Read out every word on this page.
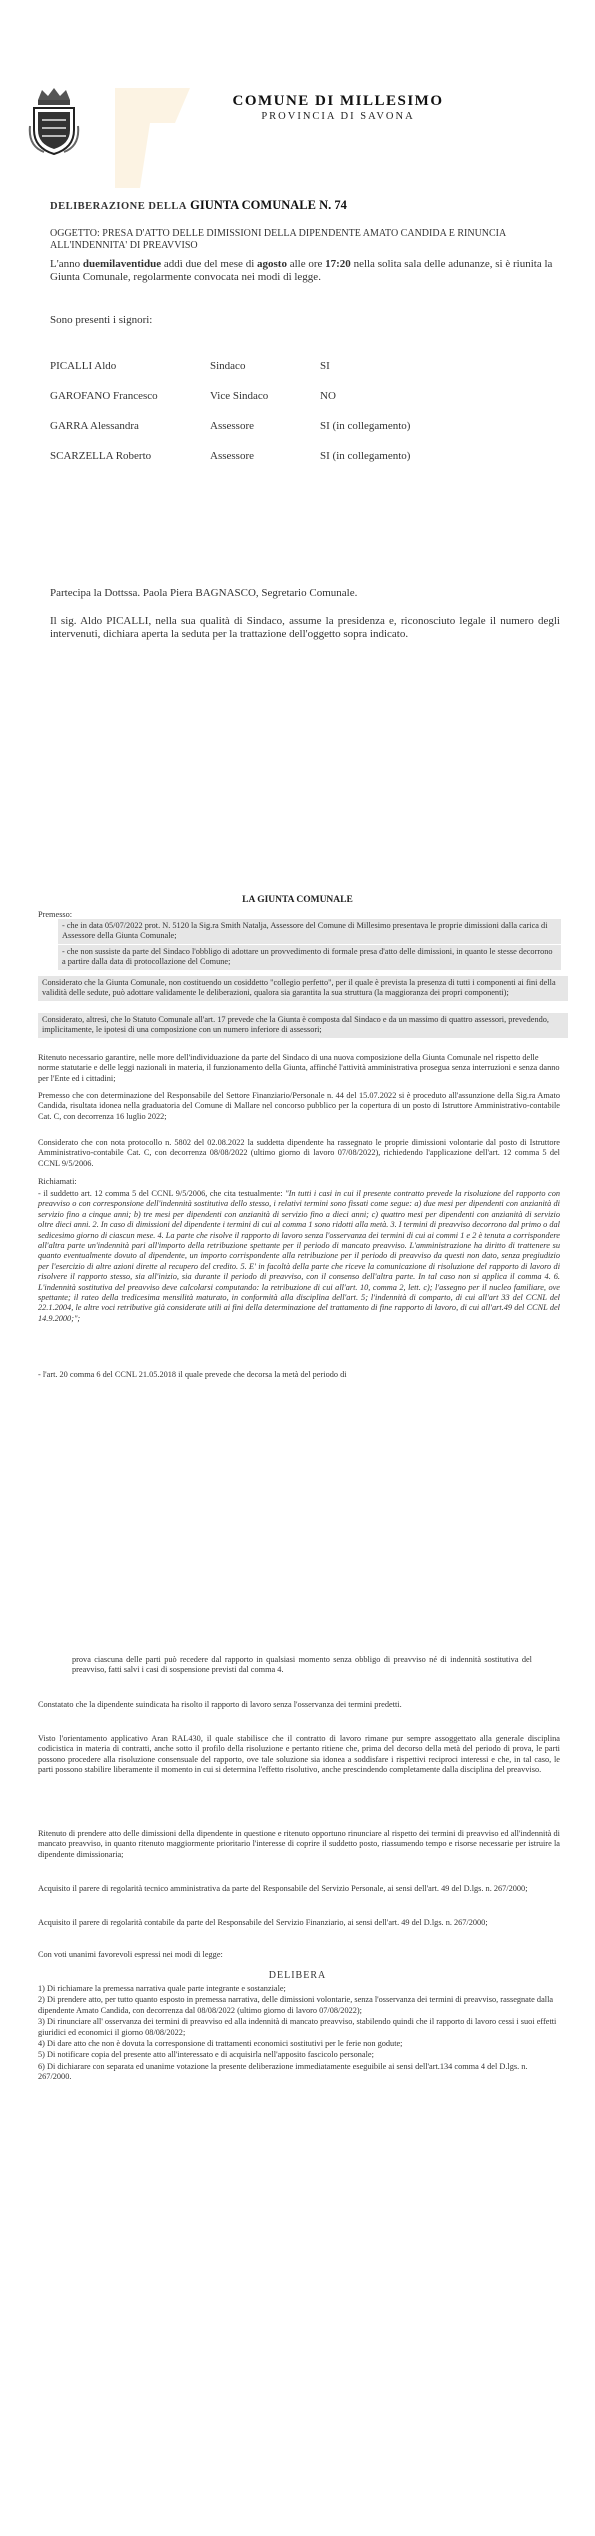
COMUNE DI MILLESIMO
PROVINCIA DI SAVONA
DELIBERAZIONE DELLA GIUNTA COMUNALE N. 74
OGGETTO: PRESA D'ATTO DELLE DIMISSIONI DELLA DIPENDENTE AMATO CANDIDA E RINUNCIA ALL'INDENNITA' DI PREAVVISO
L'anno duemilaventidue addì due del mese di agosto alle ore 17:20 nella solita sala delle adunanze, si è riunita la Giunta Comunale, regolarmente convocata nei modi di legge.
Sono presenti i signori:
PICALLI Aldo	Sindaco	SI
GAROFANO Francesco	Vice Sindaco	NO
GARRA Alessandra	Assessore	SI (in collegamento)
SCARZELLA Roberto	Assessore	SI (in collegamento)
Partecipa la Dottssa. Paola Piera BAGNASCO, Segretario Comunale.
Il sig. Aldo PICALLI, nella sua qualità di Sindaco, assume la presidenza e, riconosciuto legale il numero degli intervenuti, dichiara aperta la seduta per la trattazione dell'oggetto sopra indicato.
LA GIUNTA COMUNALE
Premesso:
- che in data 05/07/2022 prot. N. 5120 la Sig.ra Smith Natalja, Assessore del Comune di Millesimo presentava le proprie dimissioni dalla carica di Assessore della Giunta Comunale;
- che non sussiste da parte del Sindaco l'obbligo di adottare un provvedimento di formale presa d'atto delle dimissioni, in quanto le stesse decorrono a partire dalla data di protocollazione del Comune;
Considerato che la Giunta Comunale, non costituendo un cosiddetto "collegio perfetto", per il quale è prevista la presenza di tutti i componenti ai fini della validità delle sedute, può adottare validamente le deliberazioni, qualora sia garantita la sua struttura (la maggioranza dei propri componenti);
Considerato, altresì, che lo Statuto Comunale all'art. 17 prevede che la Giunta è composta dal Sindaco e da un massimo di quattro assessori, prevedendo, implicitamente, le ipotesi di una composizione con un numero inferiore di assessori;
Ritenuto necessario garantire, nelle more dell'individuazione da parte del Sindaco di una nuova composizione della Giunta Comunale nel rispetto delle norme statutarie e delle leggi nazionali in materia, il funzionamento della Giunta, affinché l'attività amministrativa prosegua senza interruzioni e senza danno per l'Ente ed i cittadini;
Premesso che con determinazione del Responsabile del Settore Finanziario/Personale n. 44 del 15.07.2022 si è proceduto all'assunzione della Sig.ra Amato Candida, risultata idonea nella graduatoria del Comune di Mallare nel concorso pubblico per la copertura di un posto di Istruttore Amministrativo-contabile Cat. C, con decorrenza 16 luglio 2022;
Considerato che con nota protocollo n. 5802 del 02.08.2022 la suddetta dipendente ha rassegnato le proprie dimissioni volontarie dal posto di Istruttore Amministrativo-contabile Cat. C, con decorrenza 08/08/2022 (ultimo giorno di lavoro 07/08/2022), richiedendo l'applicazione dell'art. 12 comma 5 del CCNL 9/5/2006.
Richiamati:
- il suddetto art. 12 comma 5 del CCNL 9/5/2006, che cita testualmente: "In tutti i casi in cui il presente contratto prevede la risoluzione del rapporto con preavviso o con corresponsione dell'indennità sostitutiva dello stesso, i relativi termini sono fissati come segue: a) due mesi per dipendenti con anzianità di servizio fino a cinque anni; b) tre mesi per dipendenti con anzianità di servizio fino a dieci anni; c) quattro mesi per dipendenti con anzianità di servizio oltre dieci anni. 2. In caso di dimissioni del dipendente i termini di cui al comma 1 sono ridotti alla metà. 3. I termini di preavviso decorrono dal primo o dal sedicesimo giorno di ciascun mese. 4. La parte che risolve il rapporto di lavoro senza l'osservanza dei termini di cui ai commi 1 e 2 è tenuta a corrispondere all'altra parte un'indennità pari all'importo della retribuzione spettante per il periodo di mancato preavviso. L'amministrazione ha diritto di trattenere su quanto eventualmente dovuto al dipendente, un importo corrispondente alla retribuzione per il periodo di preavviso da questi non dato, senza pregiudizio per l'esercizio di altre azioni dirette al recupero del credito. 5. E' in facoltà della parte che riceve la comunicazione di risoluzione del rapporto di lavoro di risolvere il rapporto stesso, sia all'inizio, sia durante il periodo di preavviso, con il consenso dell'altra parte. In tal caso non si applica il comma 4. 6. L'indennità sostitutiva del preavviso deve calcolarsi computando: la retribuzione di cui all'art. 10, comma 2, lett. c); l'assegno per il nucleo familiare, ove spettante; il rateo della tredicesima mensilità maturato, in conformità alla disciplina dell'art. 5; l'indennità di comparto, di cui all'art 33 del CCNL del 22.1.2004, le altre voci retributive già considerate utili ai fini della determinazione del trattamento di fine rapporto di lavoro, di cui all'art.49 del CCNL del 14.9.2000;";
- l'art. 20 comma 6 del CCNL 21.05.2018 il quale prevede che decorsa la metà del periodo di
prova ciascuna delle parti può recedere dal rapporto in qualsiasi momento senza obbligo di preavviso né di indennità sostitutiva del preavviso, fatti salvi i casi di sospensione previsti dal comma 4.
Constatato che la dipendente suindicata ha risolto il rapporto di lavoro senza l'osservanza dei termini predetti.
Visto l'orientamento applicativo Aran RAL430, il quale stabilisce che il contratto di lavoro rimane pur sempre assoggettato alla generale disciplina codicistica in materia di contratti, anche sotto il profilo della risoluzione e pertanto ritiene che, prima del decorso della metà del periodo di prova, le parti possono procedere alla risoluzione consensuale del rapporto, ove tale soluzione sia idonea a soddisfare i rispettivi reciproci interessi e che, in tal caso, le parti possono stabilire liberamente il momento in cui si determina l'effetto risolutivo, anche prescindendo completamente dalla disciplina del preavviso.
Ritenuto di prendere atto delle dimissioni della dipendente in questione e ritenuto opportuno rinunciare al rispetto dei termini di preavviso ed all'indennità di mancato preavviso, in quanto ritenuto maggiormente prioritario l'interesse di coprire il suddetto posto, riassumendo tempo e risorse necessarie per istruire la dipendente dimissionaria;
Acquisito il parere di regolarità tecnico amministrativa da parte del Responsabile del Servizio Personale, ai sensi dell'art. 49 del D.lgs. n. 267/2000;
Acquisito il parere di regolarità contabile da parte del Responsabile del Servizio Finanziario, ai sensi dell'art. 49 del D.lgs. n. 267/2000;
Con voti unanimi favorevoli espressi nei modi di legge:
DELIBERA
1) Di richiamare la premessa narrativa quale parte integrante e sostanziale;
2) Di prendere atto, per tutto quanto esposto in premessa narrativa, delle dimissioni volontarie, senza l'osservanza dei termini di preavviso, rassegnate dalla dipendente Amato Candida, con decorrenza dal 08/08/2022 (ultimo giorno di lavoro 07/08/2022);
3) Di rinunciare all' osservanza dei termini di preavviso ed alla indennità di mancato preavviso, stabilendo quindi che il rapporto di lavoro cessi i suoi effetti giuridici ed economici il giorno 08/08/2022;
4) Di dare atto che non è dovuta la corresponsione di trattamenti economici sostitutivi per le ferie non godute;
5) Di notificare copia del presente atto all'interessato e di acquisirla nell'apposito fascicolo personale;
6) Di dichiarare con separata ed unanime votazione la presente deliberazione immediatamente eseguibile ai sensi dell'art.134 comma 4 del D.lgs. n. 267/2000.
